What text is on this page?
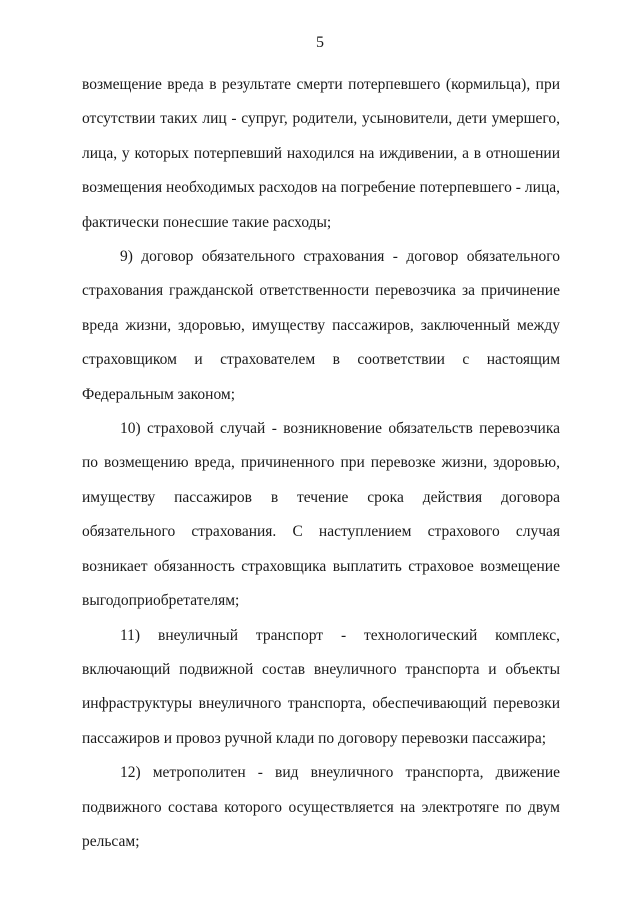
5

возмещение вреда в результате смерти потерпевшего (кормильца), при отсутствии таких лиц - супруг, родители, усыновители, дети умершего, лица, у которых потерпевший находился на иждивении, а в отношении возмещения необходимых расходов на погребение потерпевшего - лица, фактически понесшие такие расходы;

9) договор обязательного страхования - договор обязательного страхования гражданской ответственности перевозчика за причинение вреда жизни, здоровью, имуществу пассажиров, заключенный между страховщиком и страхователем в соответствии с настоящим Федеральным законом;

10) страховой случай - возникновение обязательств перевозчика по возмещению вреда, причиненного при перевозке жизни, здоровью, имуществу пассажиров в течение срока действия договора обязательного страхования. С наступлением страхового случая возникает обязанность страховщика выплатить страховое возмещение выгодоприобретателям;

11) внеуличный транспорт - технологический комплекс, включающий подвижной состав внеуличного транспорта и объекты инфраструктуры внеуличного транспорта, обеспечивающий перевозки пассажиров и провоз ручной клади по договору перевозки пассажира;

12) метрополитен - вид внеуличного транспорта, движение подвижного состава которого осуществляется на электротяге по двум рельсам;
